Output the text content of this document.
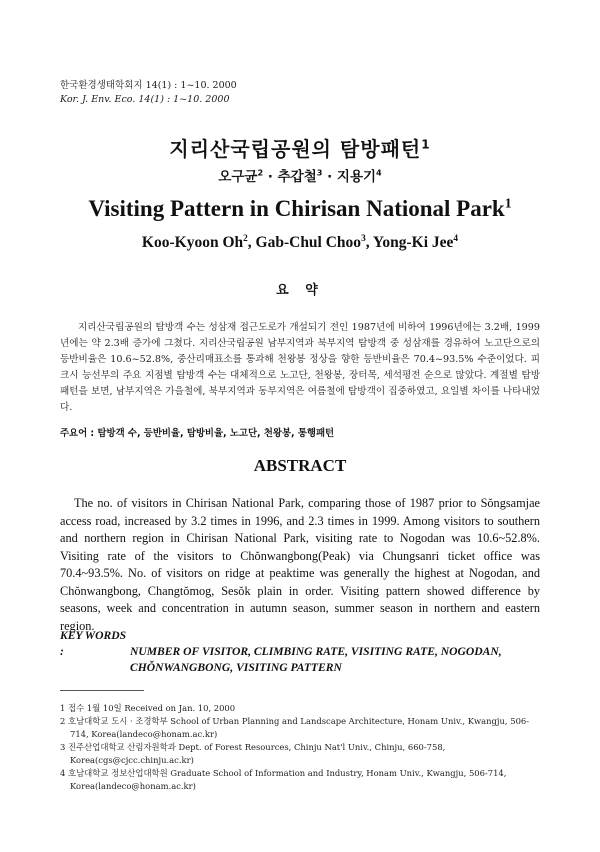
한국환경생태학회지 14(1) : 1~10. 2000
Kor. J. Env. Eco. 14(1) : 1~10. 2000
지리산국립공원의 탐방패턴$^1$
오구균$^2$ · 추갑철$^3$ · 지용기$^4$
Visiting Pattern in Chirisan National Park$^1$
Koo-Kyoon Oh$^2$, Gab-Chul Choo$^3$, Yong-Ki Jee$^4$
요 약
지리산국립공원의 탐방객 수는 성삼재 접근도로가 개설되기 전인 1987년에 비하여 1996년에는 3.2배, 1999년에는 약 2.3배 증가에 그쳤다. 지리산국립공원 남부지역과 북부지역 탐방객 중 성삼재를 경유하여 노고단으로의 등반비율은 10.6~52.8%, 중산리매표소를 통과해 천왕봉 정상을 향한 등반비율은 70.4~93.5% 수준이었다. 피크시 능선부의 주요 지점별 탐방객 수는 대체적으로 노고단, 천왕봉, 장터목, 세석평전 순으로 많았다. 계절별 탐방패턴을 보면, 남부지역은 가을철에, 북부지역과 동부지역은 여름철에 탐방객이 집중하였고, 요일별 차이를 나타내었다.
주요어 : 탐방객 수, 등반비율, 탐방비율, 노고단, 천왕봉, 통행패턴
ABSTRACT
The no. of visitors in Chirisan National Park, comparing those of 1987 prior to Sŏngsamjae access road, increased by 3.2 times in 1996, and 2.3 times in 1999. Among visitors to southern and northern region in Chirisan National Park, visiting rate to Nogodan was 10.6~52.8%. Visiting rate of the visitors to Chŏnwangbong(Peak) via Chungsanri ticket office was 70.4~93.5%. No. of visitors on ridge at peaktime was generally the highest at Nogodan, and Chŏnwangbong, Changtŏmog, Sesŏk plain in order. Visiting pattern showed difference by seasons, week and concentration in autumn season, summer season in northern and eastern region.
KEY WORDS :	NUMBER OF VISITOR, CLIMBING RATE, VISITING RATE, NOGODAN,
CHŎNWANGBONG, VISITING PATTERN
1 접수 1월 10일 Received on Jan. 10, 2000
2 호남대학교 도시 · 조경학부 School of Urban Planning and Landscape Architecture, Honam Univ., Kwangju, 506-714, Korea(landeco@honam.ac.kr)
3 진주산업대학교 산림자원학과 Dept. of Forest Resources, Chinju Nat'l Univ., Chinju, 660-758, Korea(cgs@cjcc.chinju.ac.kr)
4 호남대학교 정보산업대학원 Graduate School of Information and Industry, Honam Univ., Kwangju, 506-714, Korea(landeco@honam.ac.kr)
